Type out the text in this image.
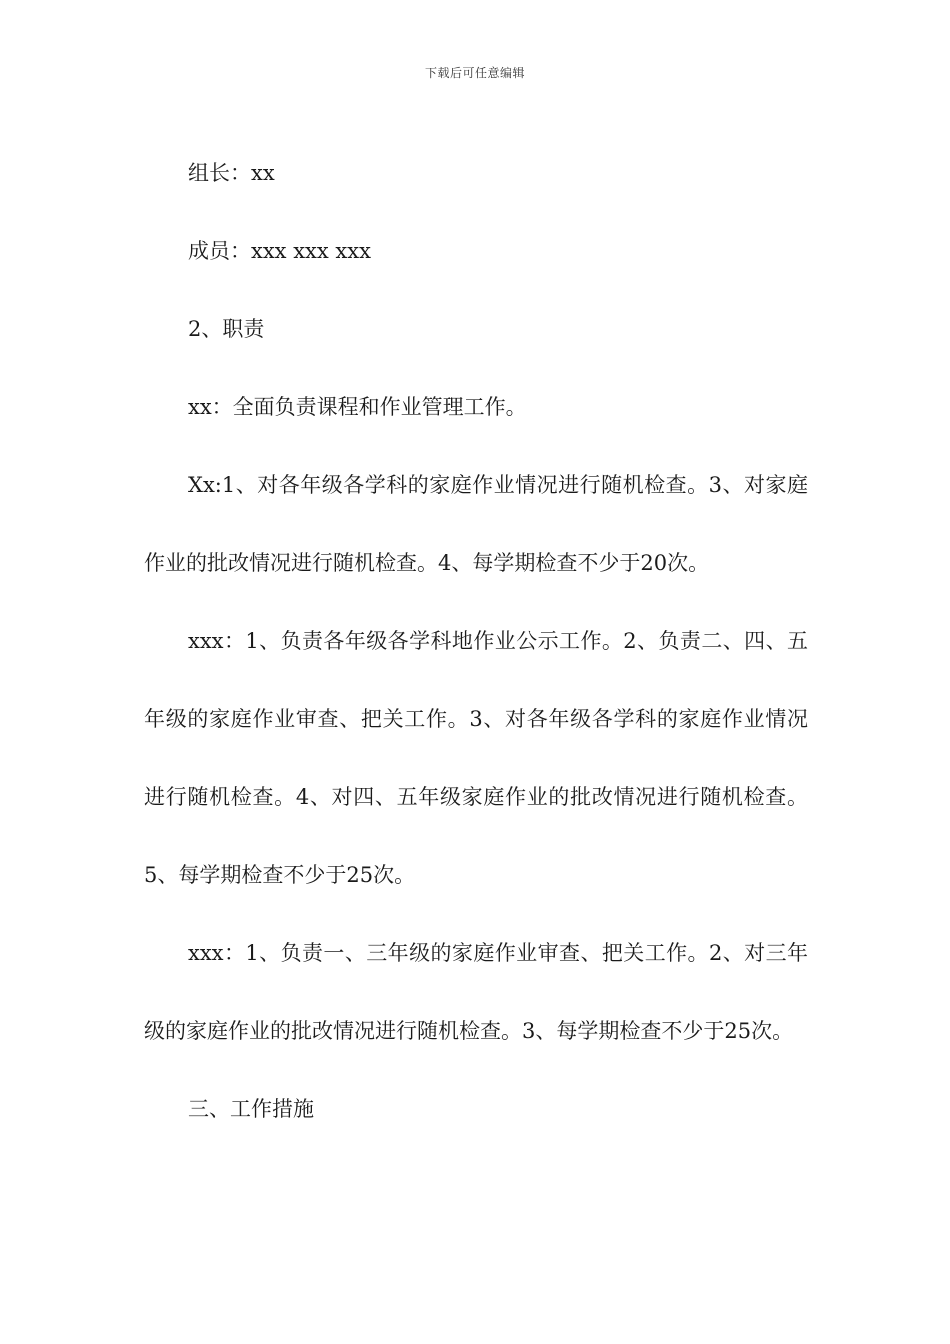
下载后可任意编辑

组长：xx

成员：xxx xxx xxx

2、职责

xx：全面负责课程和作业管理工作。

Xx:1、对各年级各学科的家庭作业情况进行随机检查。3、对家庭作业的批改情况进行随机检查。4、每学期检查不少于20次。

xxx：1、负责各年级各学科地作业公示工作。2、负责二、四、五年级的家庭作业审查、把关工作。3、对各年级各学科的家庭作业情况进行随机检查。4、对四、五年级家庭作业的批改情况进行随机检查。5、每学期检查不少于25次。

xxx：1、负责一、三年级的家庭作业审查、把关工作。2、对三年级的家庭作业的批改情况进行随机检查。3、每学期检查不少于25次。

三、工作措施
